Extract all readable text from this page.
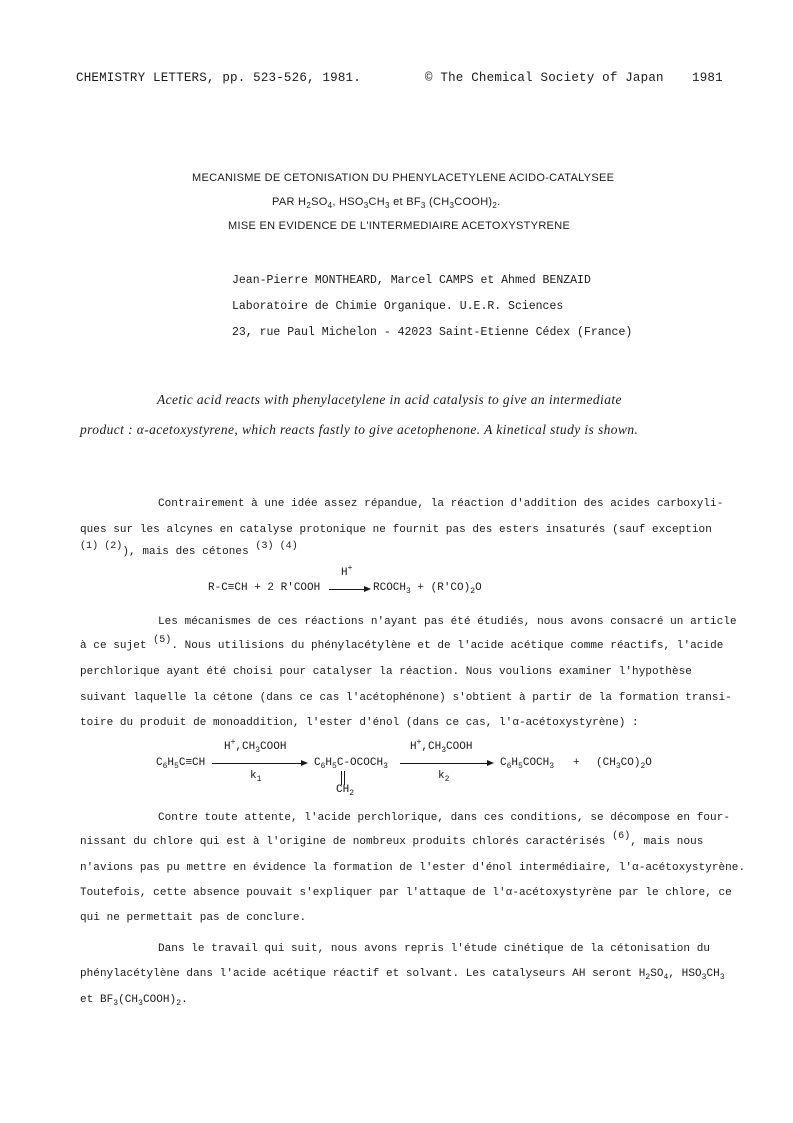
CHEMISTRY LETTERS, pp. 523-526, 1981.	© The Chemical Society of Japan 1981
MECANISME DE CETONISATION DU PHENYLACETYLENE ACIDO-CATALYSEE
PAR $H_2SO_4$, $HSO_3CH_3$ et $BF_3$ $(CH_3COOH)_2$.
MISE EN EVIDENCE DE L'INTERMEDIAIRE ACETOXYSTYRENE
Jean-Pierre MONTHEARD, Marcel CAMPS et Ahmed BENZAID
Laboratoire de Chimie Organique. U.E.R. Sciences
23, rue Paul Michelon - 42023 Saint-Etienne Cédex (France)
Acetic acid reacts with phenylacetylene in acid catalysis to give an intermediate
product : α-acetoxystyrene, which reacts fastly to give acetophenone. A kinetical study is shown.
Contrairement à une idée assez répandue, la réaction d'addition des acides carboxyli-
ques sur les alcynes en catalyse protonique ne fournit pas des esters insaturés (sauf exception
$^{(1) (2)}$), mais des cétones $^{(3) (4)}$
R-C≡CH + 2 R'COOH
H+
$RCOCH_3 + (R'CO)_2O$
Les mécanismes de ces réactions n'ayant pas été étudiés, nous avons consacré un article
à ce sujet $^{(5)}$. Nous utilisions du phénylacétylène et de l'acide acétique comme réactifs, l'acide
perchlorique ayant été choisi pour catalyser la réaction. Nous voulions examiner l'hypothèse
suivant laquelle la cétone (dans ce cas l'acétophénone) s'obtient à partir de la formation transi-
toire du produit de monoaddition, l'ester d'énol (dans ce cas, l'α-acétoxystyrène) :
$C_6H_5C\equiv CH$
$H^+,CH_3COOH$
$k_1$
$C_6H_5C-OCOCH_3$
$CH_2$
$H^+,CH_3COOH$
$k_2$
$C_6H_5COCH_3 + (CH_3CO)_2O$
Contre toute attente, l'acide perchlorique, dans ces conditions, se décompose en four-
nissant du chlore qui est à l'origine de nombreux produits chlorés caractérisés $^{(6)}$, mais nous
n'avions pas pu mettre en évidence la formation de l'ester d'énol intermédiaire, l'α-acétoxystyrène.
Toutefois, cette absence pouvait s'expliquer par l'attaque de l'α-acétoxystyrène par le chlore, ce
qui ne permettait pas de conclure.
Dans le travail qui suit, nous avons repris l'étude cinétique de la cétonisation du
phénylacétylène dans l'acide acétique réactif et solvant. Les catalyseurs AH seront $H_2SO_4$, $HSO_3CH_3$
et $BF_3(CH_3COOH)_2$.
